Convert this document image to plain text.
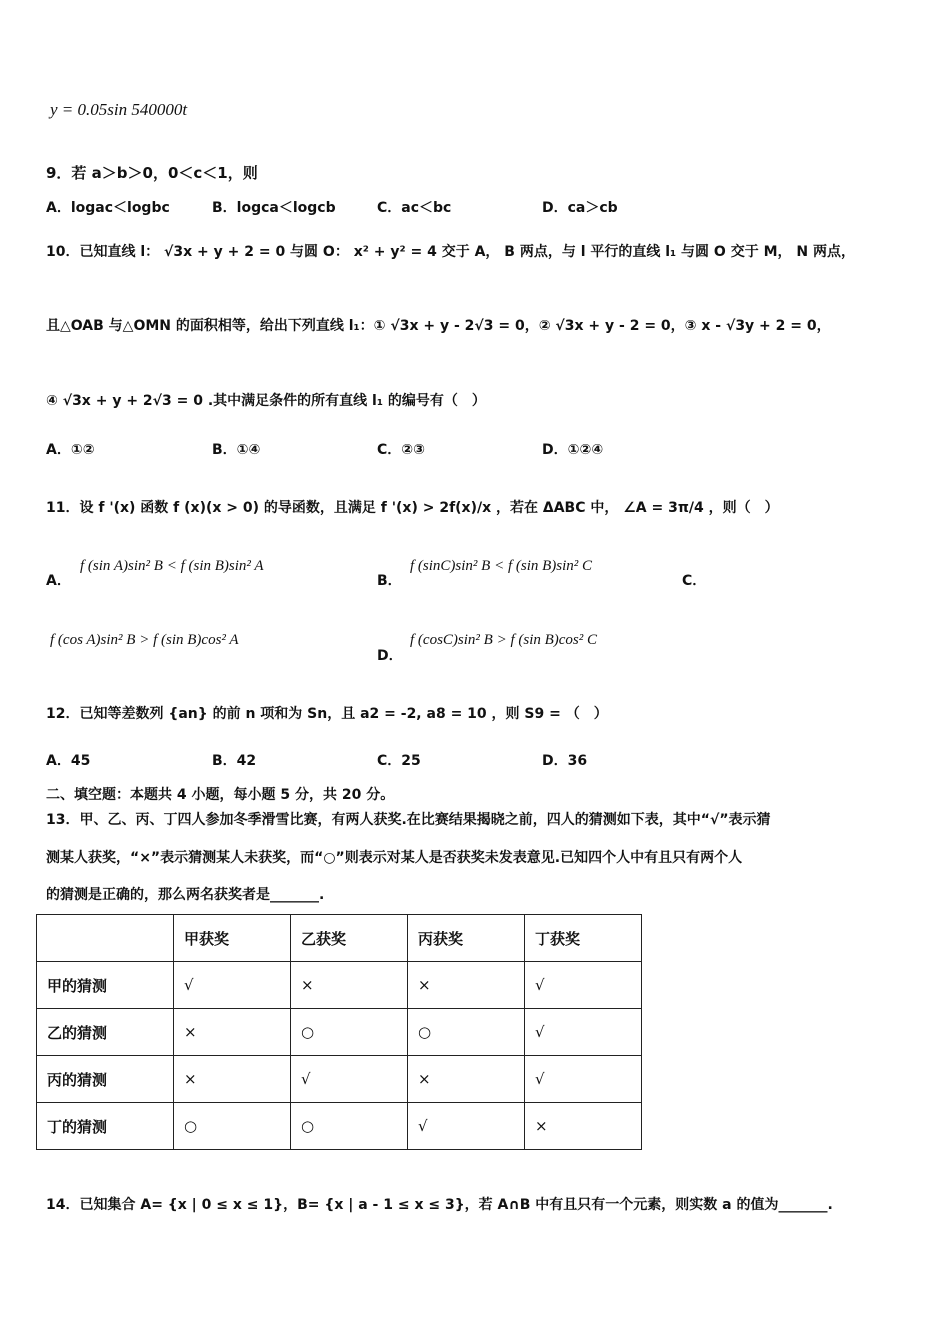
y = 0.05sin 540000t
9．若 a＞b＞0，0＜c＜1，则
A．logac＜logbc	B．logca＜logcb	C．ac＜bc	D．ca＞cb
10．已知直线 l： √3x + y + 2 = 0 与圆 O： x² + y² = 4 交于 A， B 两点，与 l 平行的直线 l₁ 与圆 O 交于 M， N 两点，
且△OAB 与△OMN 的面积相等，给出下列直线 l₁：① √3x + y - 2√3 = 0，② √3x + y - 2 = 0，③ x - √3y + 2 = 0，
④ √3x + y + 2√3 = 0 .其中满足条件的所有直线 l₁ 的编号有（　）
A．①②	B．①④	C．②③	D．①②④
11．设 f '(x) 函数 f (x)(x > 0) 的导函数，且满足 f '(x) > 2f(x)/x ，若在 ΔABC 中， ∠A = 3π/4 ，则（　）
A．
f (sin A)sin² B < f (sin B)sin² A
B．
f (sinC)sin² B < f (sin B)sin² C
C．
f (cos A)sin² B > f (sin B)cos² A
D．
f (cosC)sin² B > f (sin B)cos² C
12．已知等差数列 {an} 的前 n 项和为 Sn，且 a2 = -2, a8 = 10 ，则 S9 = （　）
A．45	B．42	C．25	D．36
二、填空题：本题共 4 小题，每小题 5 分，共 20 分。
13．甲、乙、丙、丁四人参加冬季滑雪比赛，有两人获奖.在比赛结果揭晓之前，四人的猜测如下表，其中“√”表示猜
测某人获奖，“×”表示猜测某人未获奖，而“○”则表示对某人是否获奖未发表意见.已知四个人中有且只有两个人
的猜测是正确的，那么两名获奖者是_______.
	甲获奖	乙获奖	丙获奖	丁获奖
甲的猜测	√	×	×	√
乙的猜测	×	○	○	√
丙的猜测	×	√	×	√
丁的猜测	○	○	√	×
14．已知集合 A= {x | 0 ≤ x ≤ 1}，B= {x | a - 1 ≤ x ≤ 3}，若 A∩B 中有且只有一个元素，则实数 a 的值为_______.
